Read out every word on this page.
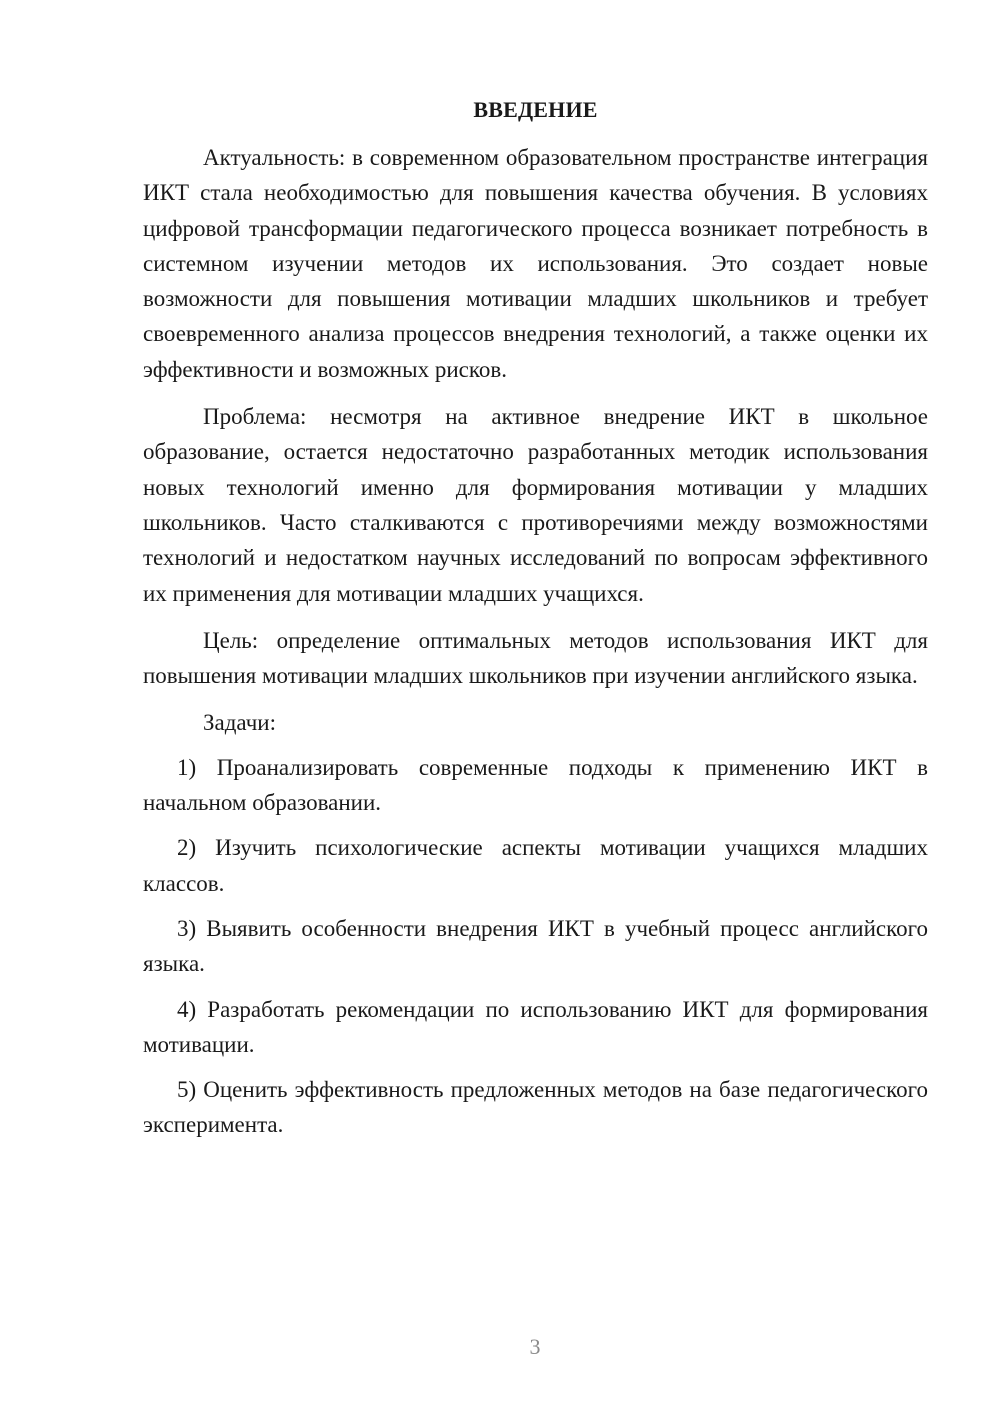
ВВЕДЕНИЕ

Актуальность: в современном образовательном пространстве интеграция ИКТ стала необходимостью для повышения качества обучения. В условиях цифровой трансформации педагогического процесса возникает потребность в системном изучении методов их использования. Это создает новые возможности для повышения мотивации младших школьников и требует своевременного анализа процессов внедрения технологий, а также оценки их эффективности и возможных рисков.

Проблема: несмотря на активное внедрение ИКТ в школьное образование, остается недостаточно разработанных методик использования новых технологий именно для формирования мотивации у младших школьников. Часто сталкиваются с противоречиями между возможностями технологий и недостатком научных исследований по вопросам эффективного их применения для мотивации младших учащихся.

Цель: определение оптимальных методов использования ИКТ для повышения мотивации младших школьников при изучении английского языка.

Задачи:

1) Проанализировать современные подходы к применению ИКТ в начальном образовании.
2) Изучить психологические аспекты мотивации учащихся младших классов.
3) Выявить особенности внедрения ИКТ в учебный процесс английского языка.
4) Разработать рекомендации по использованию ИКТ для формирования мотивации.
5) Оценить эффективность предложенных методов на базе педагогического эксперимента.
3
